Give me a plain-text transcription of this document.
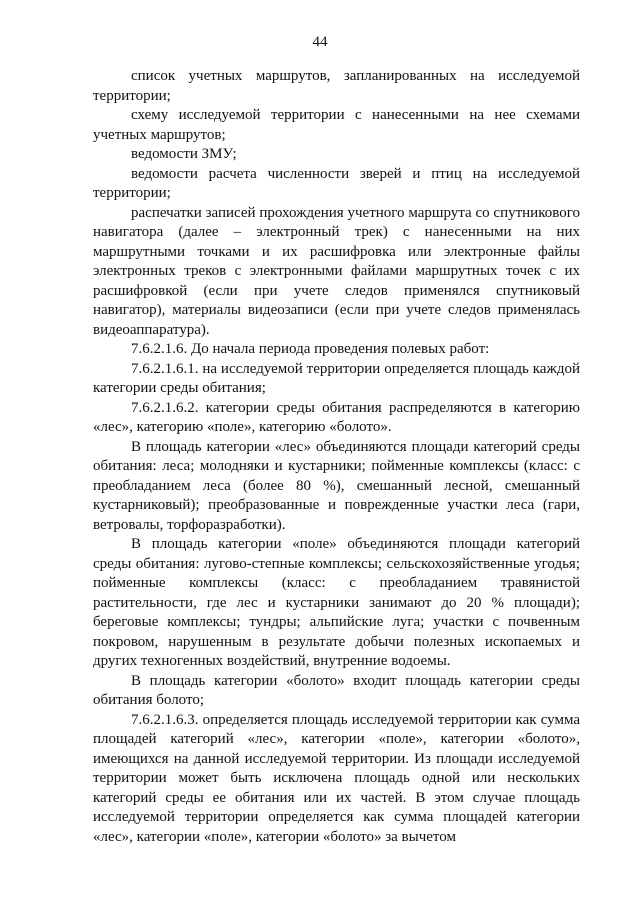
44

список учетных маршрутов, запланированных на исследуемой территории;

схему исследуемой территории с нанесенными на нее схемами учетных маршрутов;

ведомости ЗМУ;

ведомости расчета численности зверей и птиц на исследуемой территории;

распечатки записей прохождения учетного маршрута со спутникового навигатора (далее – электронный трек) с нанесенными на них маршрутными точками и их расшифровка или электронные файлы электронных треков с электронными файлами маршрутных точек с их расшифровкой (если при учете следов применялся спутниковый навигатор), материалы видеозаписи (если при учете следов применялась видеоаппаратура).

7.6.2.1.6. До начала периода проведения полевых работ:

7.6.2.1.6.1. на исследуемой территории определяется площадь каждой категории среды обитания;

7.6.2.1.6.2. категории среды обитания распределяются в категорию «лес», категорию «поле», категорию «болото».

В площадь категории «лес» объединяются площади категорий среды обитания: леса; молодняки и кустарники; пойменные комплексы (класс: с преобладанием леса (более 80 %), смешанный лесной, смешанный кустарниковый); преобразованные и поврежденные участки леса (гари, ветровалы, торфоразработки).

В площадь категории «поле» объединяются площади категорий среды обитания: лугово-степные комплексы; сельскохозяйственные угодья; пойменные комплексы (класс: с преобладанием травянистой растительности, где лес и кустарники занимают до 20 % площади); береговые комплексы; тундры; альпийские луга; участки с почвенным покровом, нарушенным в результате добычи полезных ископаемых и других техногенных воздействий, внутренние водоемы.

В площадь категории «болото» входит площадь категории среды обитания болото;

7.6.2.1.6.3. определяется площадь исследуемой территории как сумма площадей категорий «лес», категории «поле», категории «болото», имеющихся на данной исследуемой территории. Из площади исследуемой территории может быть исключена площадь одной или нескольких категорий среды ее обитания или их частей. В этом случае площадь исследуемой территории определяется как сумма площадей категории «лес», категории «поле», категории «болото» за вычетом
